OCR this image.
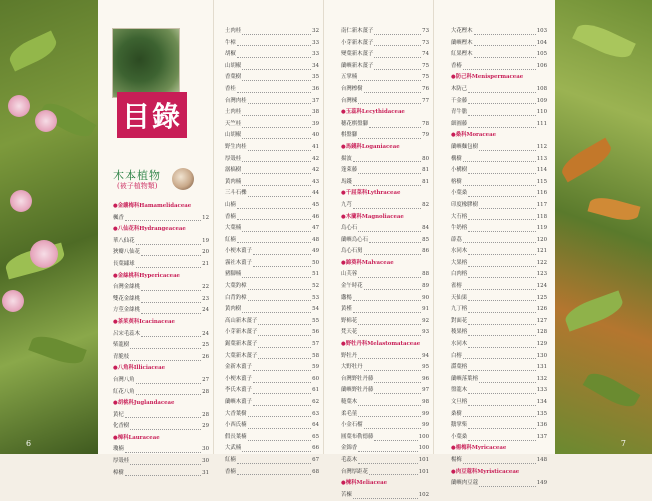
目錄
木本植物
(被子植物類)
●金縷梅科Hamamelidaceae
楓香	12
●八仙花科Hydrangeaceae
華八仙花	19
狹瓣八仙花	20
長葉繡球	21
●金絲桃科Hypericaceae
台灣金絲桃	22
雙花金絲桃	23
方莖金絲桃	24
●茶茱萸科Icacinaceae
呂宋毛蕊木	24
柴龍樹	25
青脆枝	26
●八角科Illiciaceae
台灣八角	27
紅花八角	28
●胡桃科Juglandaceae
黃杞	28
化香樹	29
●樟科Lauraceae
瓊楠	30
厚殼桂	30
樟樹	31
土肉桂	32
牛樟	33
胡椒	33
山胡椒	34
香葉樹	35
香桂	36
台灣肉桂	37
土肉桂	38
天竺桂	39
山胡椒	40
野生肉桂	41
厚殼桂	42
潺槁樹	42
黃肉楠	43
三斗石櫟	44
山楠	45
香楠	46
大葉楠	47
紅楠	48
小梗木薑子	49
霧社木薑子	50
豬腳楠	51
大葉釣樟	52
白背釣樟	53
黃肉樹	54
高山新木薑子	55
小芽新木薑子	56
鋸葉新木薑子	57
大葉新木薑子	58
金新木薑子	59
小梗木薑子	60
李氏木薑子	61
蘭嶼木薑子	62
大香葉樹	63
小西氏楠	64
假長葉楠	65
大武楠	66
紅楠	67
香楠	68
南仁新木薑子	73
小芽新木薑子	73
變葉新木薑子	74
蘭嶼新木薑子	75
五掌楠	75
台灣檫樹	76
台灣楝	77
●玉蕊科Lecythidaceae
穗花棋盤腳	78
棋盤腳	79
●馬錢科Loganiaceae
揚波	80
蓬萊藤	81
馬錢	81
●千屈菜科Lythraceae
九芎	82
●木蘭科Magnoliaceae
烏心石	84
蘭嶼烏心石	85
烏心石舅	86
●錦葵科Malvaceae
山芙蓉	88
金午時花	89
繖楊	90
黃槿	91
野棉花	92
梵天花	93
●野牡丹科Melastomataceae
野牡丹	94
大野牡丹	95
台灣野牡丹藤	96
蘭嶼野牡丹藤	97
糙葉木	98
柔毛菫	99
小金石榴	99
圓葉布勒德藤	100
金錦香	100
毛蕊木	101
台灣厚距花	101
●楝科Meliaceae
苦楝	102
大花樫木	103
蘭嶼樫木	104
紅果樫木	105
香椿	106
●防己科Menispermaceae
木防己	108
千金藤	109
青牛膽	110
細圓藤	111
●桑科Moraceae
蘭嶼麵包樹	112
構樹	113
小構樹	114
榕樹	115
小葉桑	116
印度橡膠樹	117
大冇榕	118
牛奶榕	119
薜荔	120
水同木	121
大果榕	122
白肉榕	123
雀榕	124
天仙果	125
九丁榕	126
對面花	127
稜果榕	128
水同木	129
白榕	130
澀葉榕	131
蘭嶼落葉榕	132
盤龍木	133
文旦榕	134
桑樹	135
鵝掌柴	136
小葉桑	137
●楊梅科Myricaceae
楊梅	148
●肉豆蔻科Myristicaceae
蘭嶼肉豆蔻	149
6	7
